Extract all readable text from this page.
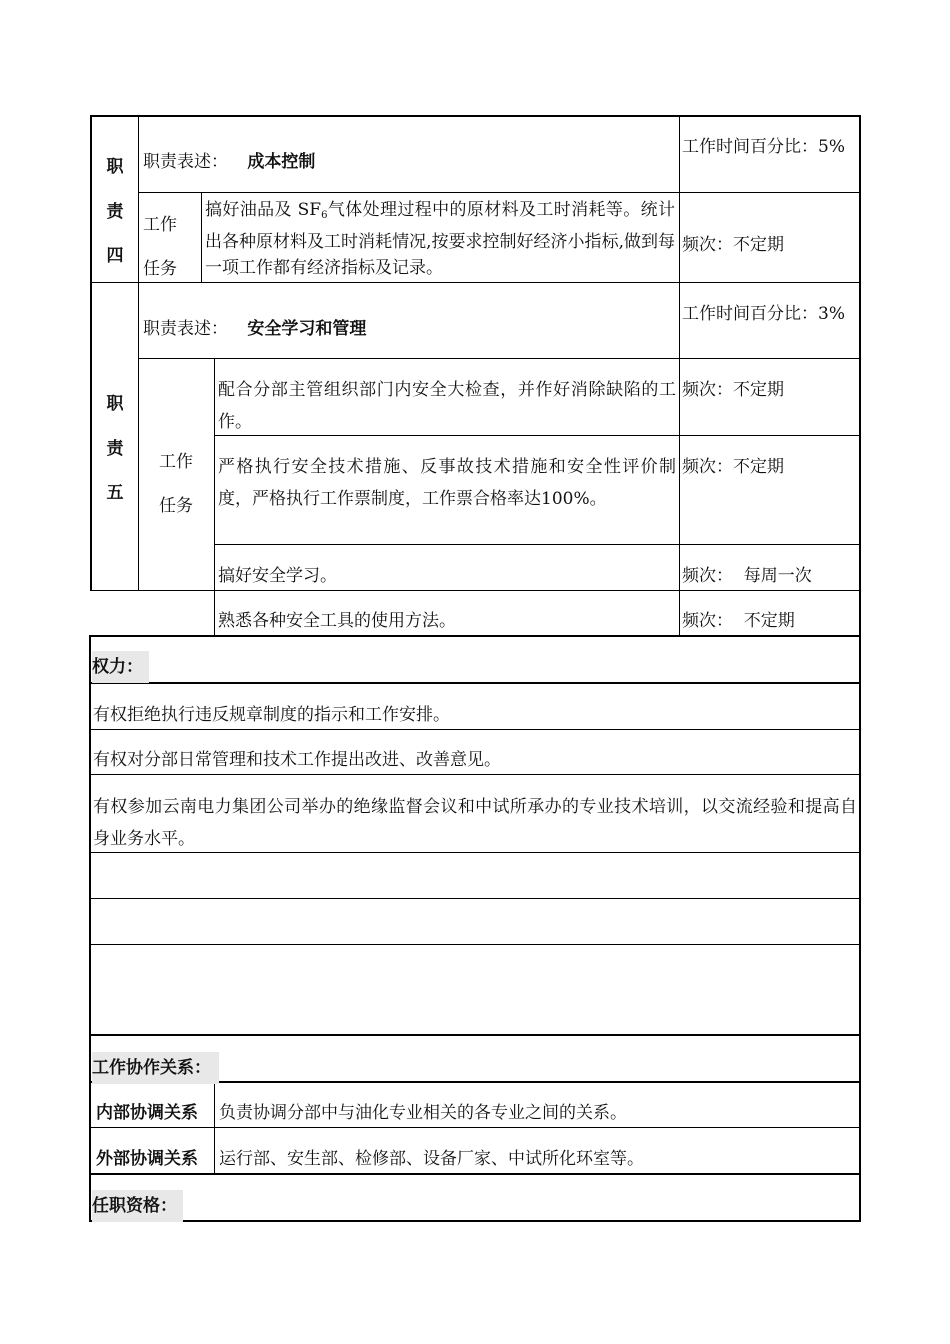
职
责
四
职责表述： 成本控制
工作时间百分比：5%
工作
任务
搞好油品及 $SF_6$气体处理过程中的原材料及工时消耗等。统计出各种原材料及工时消耗情况,按要求控制好经济小指标,做到每一项工作都有经济指标及记录。
频次：不定期
职
责
五
职责表述： 安全学习和管理
工作时间百分比：3%
工作
任务
配合分部主管组织部门内安全大检查，并作好消除缺陷的工作。
频次：不定期
严格执行安全技术措施、反事故技术措施和安全性评价制度，严格执行工作票制度，工作票合格率达100%。
频次：不定期
搞好安全学习。	频次：  每周一次
熟悉各种安全工具的使用方法。	频次：  不定期
权力：
有权拒绝执行违反规章制度的指示和工作安排。
有权对分部日常管理和技术工作提出改进、改善意见。
有权参加云南电力集团公司举办的绝缘监督会议和中试所承办的专业技术培训，以交流经验和提高自身业务水平。
工作协作关系：
内部协调关系 负责协调分部中与油化专业相关的各专业之间的关系。
外部协调关系 运行部、安生部、检修部、设备厂家、中试所化环室等。
任职资格：
